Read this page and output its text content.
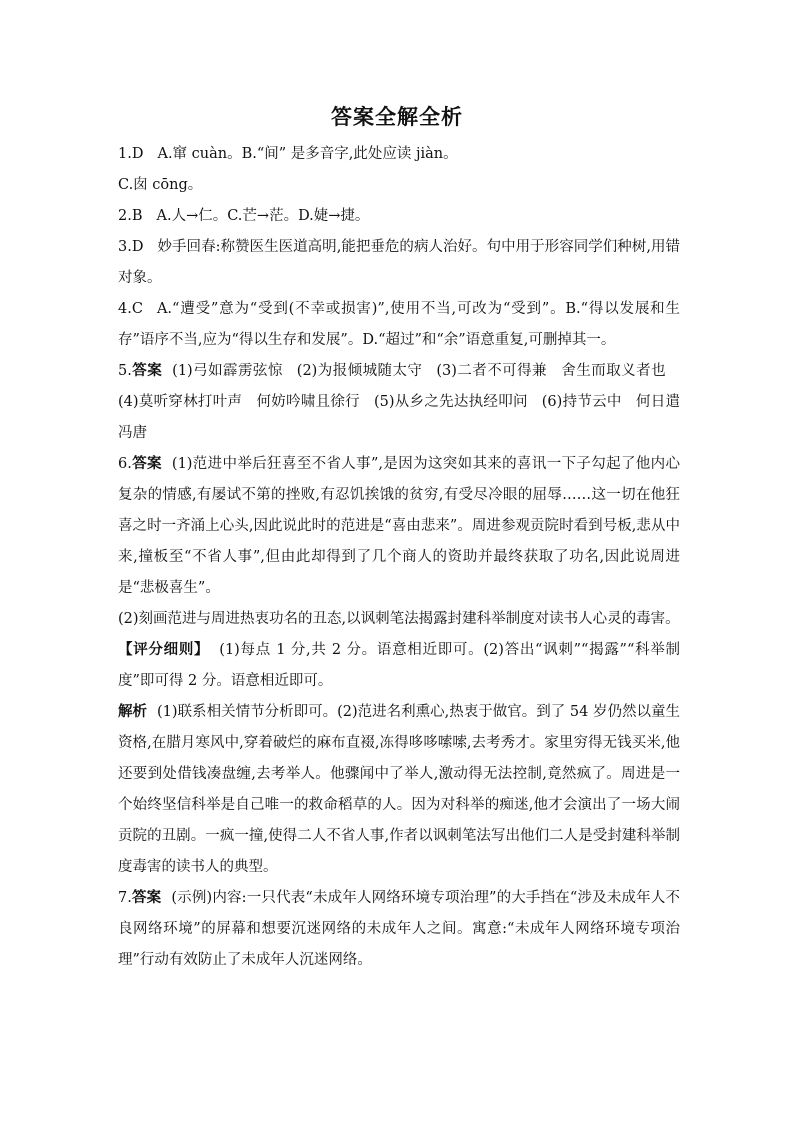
答案全解全析

1.D A.窜 cuàn。B.“间” 是多音字,此处应读 jiàn。

C.囱 cōng。

2.B A.人→仁。C.芒→茫。D.婕→捷。

3.D 妙手回春:称赞医生医道高明,能把垂危的病人治好。句中用于形容同学们种树,用错对象。

4.C A.“遭受”意为“受到(不幸或损害)”,使用不当,可改为“受到”。B.“得以发展和生存”语序不当,应为“得以生存和发展”。D.“超过”和“余”语意重复,可删掉其一。

5.答案 (1)弓如霹雳弦惊 (2)为报倾城随太守 (3)二者不可得兼 舍生而取义者也(4)莫听穿林打叶声 何妨吟啸且徐行 (5)从乡之先达执经叩问 (6)持节云中 何日遣冯唐

6.答案 (1)范进中举后狂喜至不省人事”,是因为这突如其来的喜讯一下子勾起了他内心复杂的情感,有屡试不第的挫败,有忍饥挨饿的贫穷,有受尽冷眼的屈辱……这一切在他狂喜之时一齐涌上心头,因此说此时的范进是“喜由悲来”。周进参观贡院时看到号板,悲从中来,撞板至“不省人事”,但由此却得到了几个商人的资助并最终获取了功名,因此说周进是“悲极喜生”。

(2)刻画范进与周进热衷功名的丑态,以讽刺笔法揭露封建科举制度对读书人心灵的毒害。

【评分细则】 (1)每点 1 分,共 2 分。语意相近即可。(2)答出“讽刺”“揭露”“科举制度”即可得 2 分。语意相近即可。

解析 (1)联系相关情节分析即可。(2)范进名利熏心,热衷于做官。到了 54 岁仍然以童生资格,在腊月寒风中,穿着破烂的麻布直裰,冻得哆哆嗦嗦,去考秀才。家里穷得无钱买米,他还要到处借钱凑盘缠,去考举人。他骤闻中了举人,激动得无法控制,竟然疯了。周进是一个始终坚信科举是自己唯一的救命稻草的人。因为对科举的痴迷,他才会演出了一场大闹贡院的丑剧。一疯一撞,使得二人不省人事,作者以讽刺笔法写出他们二人是受封建科举制度毒害的读书人的典型。

7.答案 (示例)内容:一只代表“未成年人网络环境专项治理”的大手挡在“涉及未成年人不良网络环境”的屏幕和想要沉迷网络的未成年人之间。寓意:“未成年人网络环境专项治理”行动有效防止了未成年人沉迷网络。
